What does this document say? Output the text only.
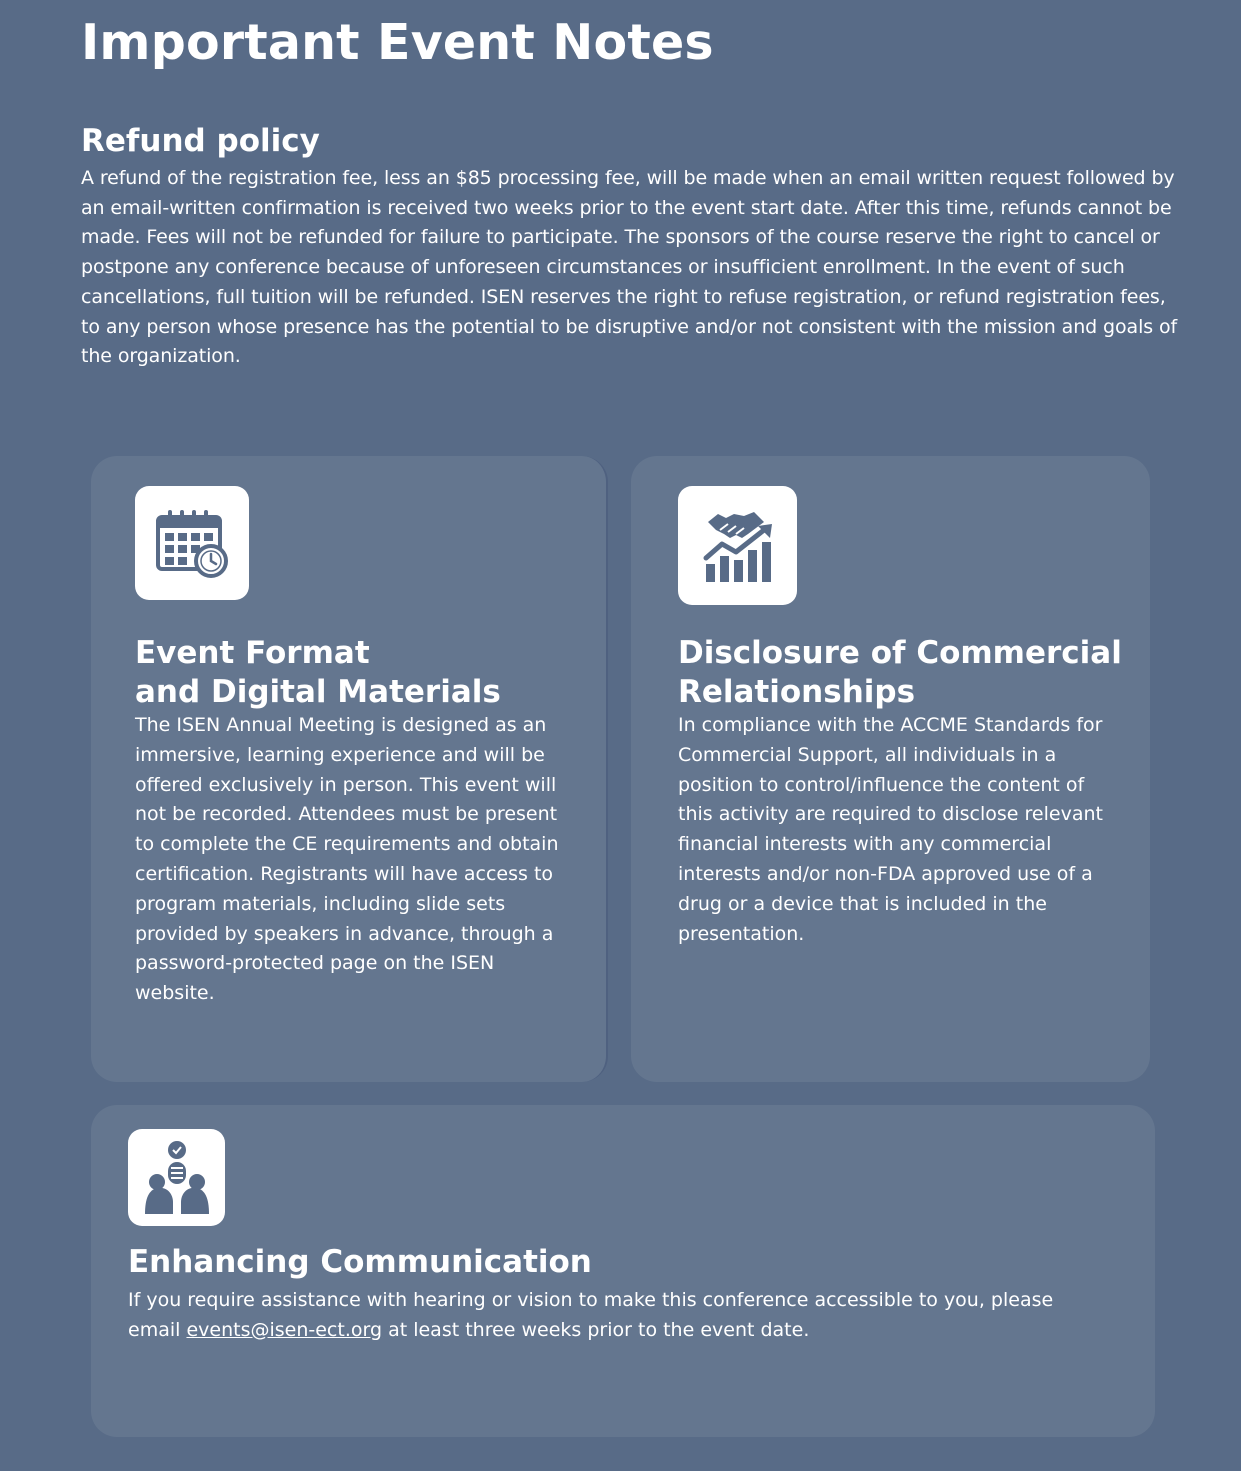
Important Event Notes
Refund policy

A refund of the registration fee, less an $85 processing fee, will be made when an email written request followed by an email-written confirmation is received two weeks prior to the event start date. After this time, refunds cannot be made. Fees will not be refunded for failure to participate. The sponsors of the course reserve the right to cancel or postpone any conference because of unforeseen circumstances or insufficient enrollment. In the event of such cancellations, full tuition will be refunded. ISEN reserves the right to refuse registration, or refund registration fees, to any person whose presence has the potential to be disruptive and/or not consistent with the mission and goals of the organization.

Event Format
and Digital Materials

The ISEN Annual Meeting is designed as an immersive, learning experience and will be offered exclusively in person. This event will not be recorded. Attendees must be present to complete the CE requirements and obtain certification. Registrants will have access to program materials, including slide sets provided by speakers in advance, through a password-protected page on the ISEN website.

Disclosure of Commercial
Relationships

In compliance with the ACCME Standards for Commercial Support, all individuals in a position to control/influence the content of this activity are required to disclose relevant financial interests with any commercial interests and/or non-FDA approved use of a drug or a device that is included in the presentation.

Enhancing Communication

If you require assistance with hearing or vision to make this conference accessible to you, please email events@isen-ect.org at least three weeks prior to the event date.
